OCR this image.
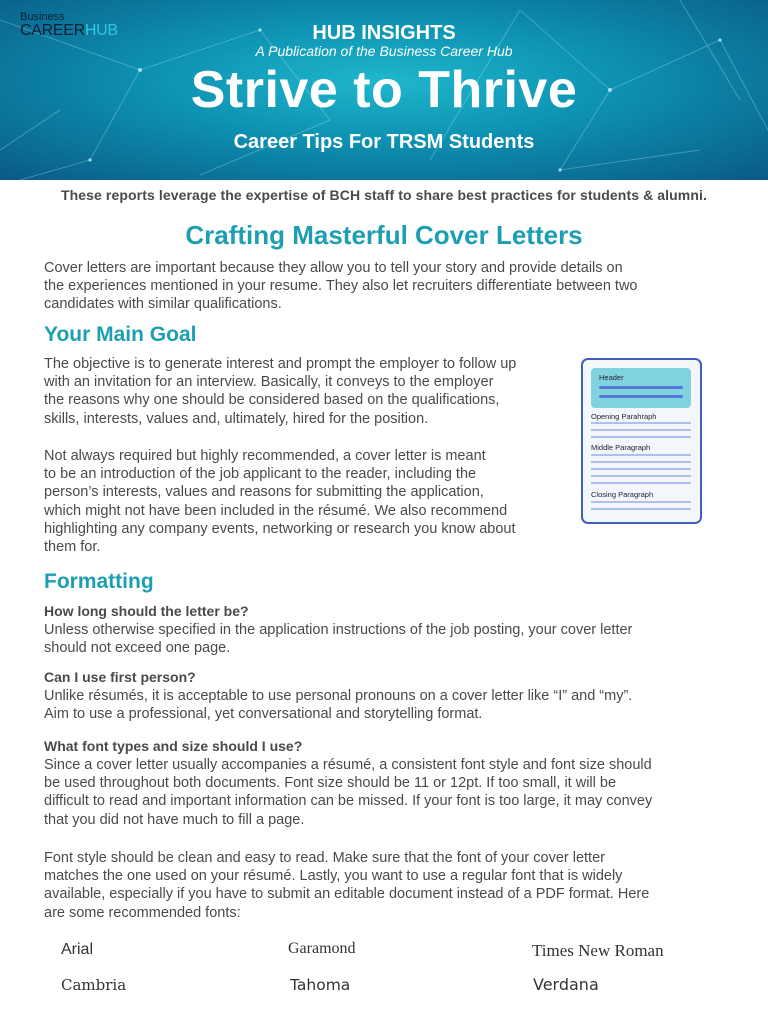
Business
CAREERHUB	HUB INSIGHTS
A Publication of the Business Career Hub
Strive to Thrive
Career Tips For TRSM Students
These reports leverage the expertise of BCH staff to share best practices for students & alumni.
Crafting Masterful Cover Letters
Cover letters are important because they allow you to tell your story and provide details on
the experiences mentioned in your resume. They also let recruiters differentiate between two
candidates with similar qualifications.
Your Main Goal
The objective is to generate interest and prompt the employer to follow up
with an invitation for an interview. Basically, it conveys to the employer
the reasons why one should be considered based on the qualifications,
skills, interests, values and, ultimately, hired for the position.
Not always required but highly recommended, a cover letter is meant
to be an introduction of the job applicant to the reader, including the
person’s interests, values and reasons for submitting the application,
which might not have been included in the résumé. We also recommend
highlighting any company events, networking or research you know about
them for.
Header
Opening Parahraph
Middle Paragraph
Closing Paragraph
Formatting
How long should the letter be?
Unless otherwise specified in the application instructions of the job posting, your cover letter
should not exceed one page.
Can I use first person?
Unlike résumés, it is acceptable to use personal pronouns on a cover letter like “I” and “my”.
Aim to use a professional, yet conversational and storytelling format.
What font types and size should I use?
Since a cover letter usually accompanies a résumé, a consistent font style and font size should
be used throughout both documents. Font size should be 11 or 12pt. If too small, it will be
difficult to read and important information can be missed. If your font is too large, it may convey
that you did not have much to fill a page.
Font style should be clean and easy to read. Make sure that the font of your cover letter
matches the one used on your résumé. Lastly, you want to use a regular font that is widely
available, especially if you have to submit an editable document instead of a PDF format. Here
are some recommended fonts:
Arial	Garamond	Times New Roman
Cambria	Tahoma	Verdana
